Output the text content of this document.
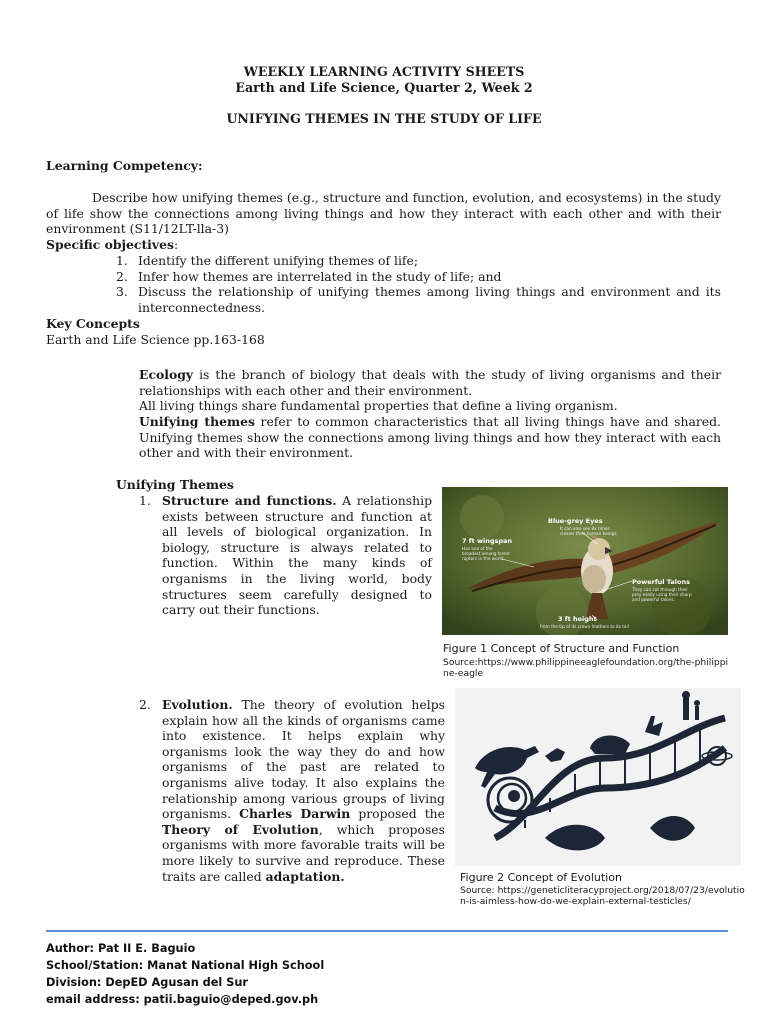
WEEKLY LEARNING ACTIVITY SHEETS
Earth and Life Science, Quarter 2, Week 2
UNIFYING THEMES IN THE STUDY OF LIFE
Learning Competency:
Describe how unifying themes (e.g., structure and function, evolution, and ecosystems) in the study of life show the connections among living things and how they interact with each other and with their environment (S11/12LT-lla-3)
Specific objectives:
1. Identify the different unifying themes of life;
2. Infer how themes are interrelated in the study of life; and
3. Discuss the relationship of unifying themes among living things and environment and its interconnectedness.
Key Concepts
Earth and Life Science pp.163-168
Ecology is the branch of biology that deals with the study of living organisms and their relationships with each other and their environment.
All living things share fundamental properties that define a living organism.
Unifying themes refer to common characteristics that all living things have and shared. Unifying themes show the connections among living things and how they interact with each other and with their environment.
Unifying Themes
1. Structure and functions. A relationship exists between structure and function at all levels of biological organization. In biology, structure is always related to function. Within the many kinds of organisms in the living world, body structures seem carefully designed to carry out their functions.
Blue-grey Eyes
It can also see 8x times clearer than human beings.
7 ft wingspan
Has one of the broadest among forest raptors in the world.
Powerful Talons
They can cut through their prey easily using their sharp and powerful talons.
3 ft height
from the tip of its crown feathers to its tail
Figure 1 Concept of Structure and Function
Source:https://www.philippineeaglefoundation.org/the-philippine-eagle
2. Evolution. The theory of evolution helps explain how all the kinds of organisms came into existence. It helps explain why organisms look the way they do and how organisms of the past are related to organisms alive today. It also explains the relationship among various groups of living organisms. Charles Darwin proposed the Theory of Evolution, which proposes organisms with more favorable traits will be more likely to survive and reproduce. These traits are called adaptation.	Figure 2 Concept of Evolution
Source: https://geneticliteracyproject.org/2018/07/23/evolution-is-aimless-how-do-we-explain-external-testicles/
Author: Pat II E. Baguio
School/Station: Manat National High School
Division: DepED Agusan del Sur
email address: patii.baguio@deped.gov.ph
